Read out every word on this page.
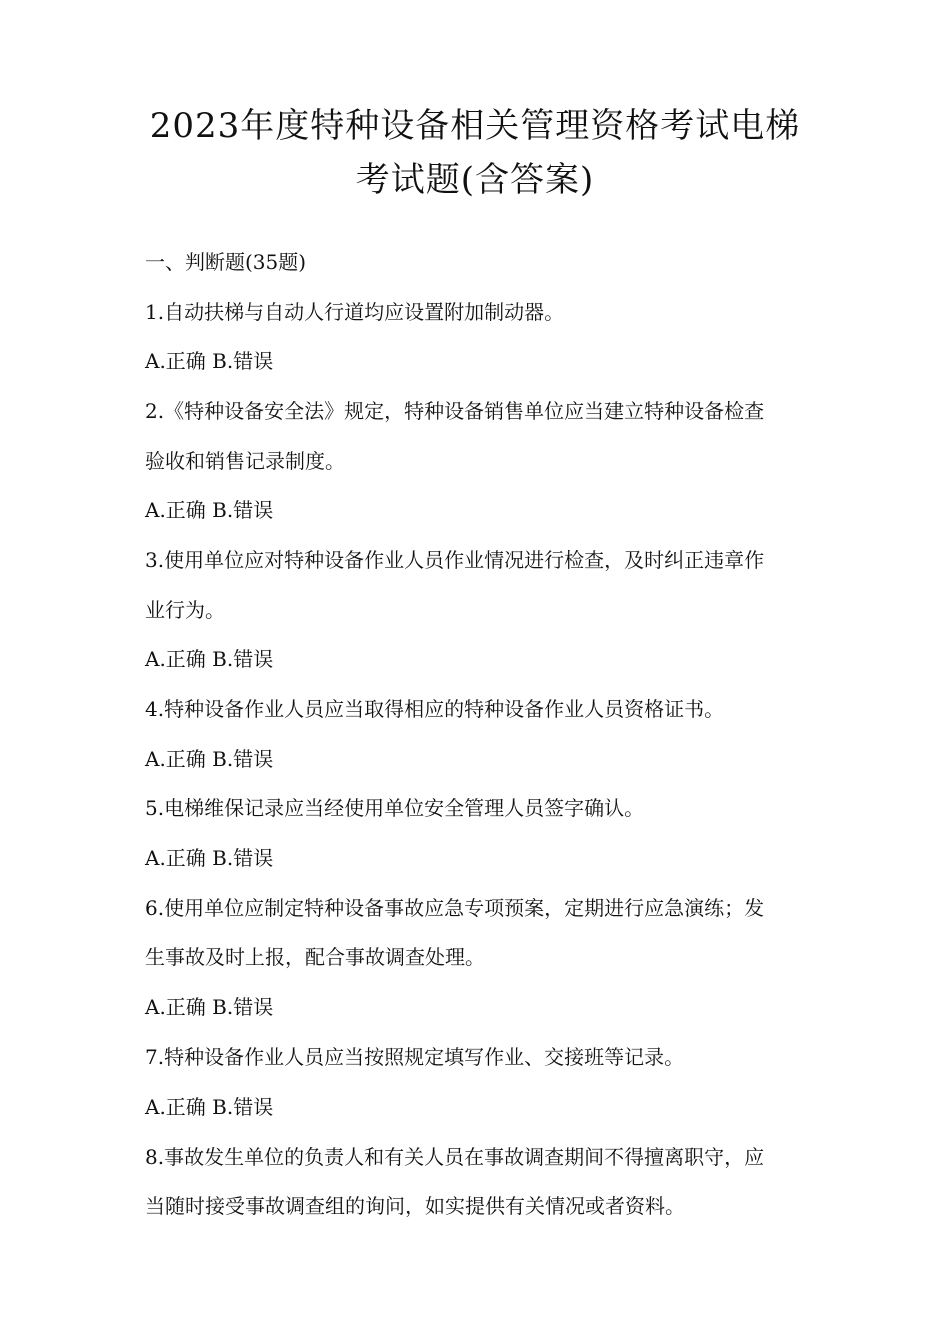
2023年度特种设备相关管理资格考试电梯
考试题(含答案)
一、判断题(35题)
1.自动扶梯与自动人行道均应设置附加制动器。
A.正确 B.错误
2.《特种设备安全法》规定，特种设备销售单位应当建立特种设备检查
验收和销售记录制度。
A.正确 B.错误
3.使用单位应对特种设备作业人员作业情况进行检查，及时纠正违章作
业行为。
A.正确 B.错误
4.特种设备作业人员应当取得相应的特种设备作业人员资格证书。
A.正确 B.错误
5.电梯维保记录应当经使用单位安全管理人员签字确认。
A.正确 B.错误
6.使用单位应制定特种设备事故应急专项预案，定期进行应急演练；发
生事故及时上报，配合事故调查处理。
A.正确 B.错误
7.特种设备作业人员应当按照规定填写作业、交接班等记录。
A.正确 B.错误
8.事故发生单位的负责人和有关人员在事故调查期间不得擅离职守，应
当随时接受事故调查组的询问，如实提供有关情况或者资料。
